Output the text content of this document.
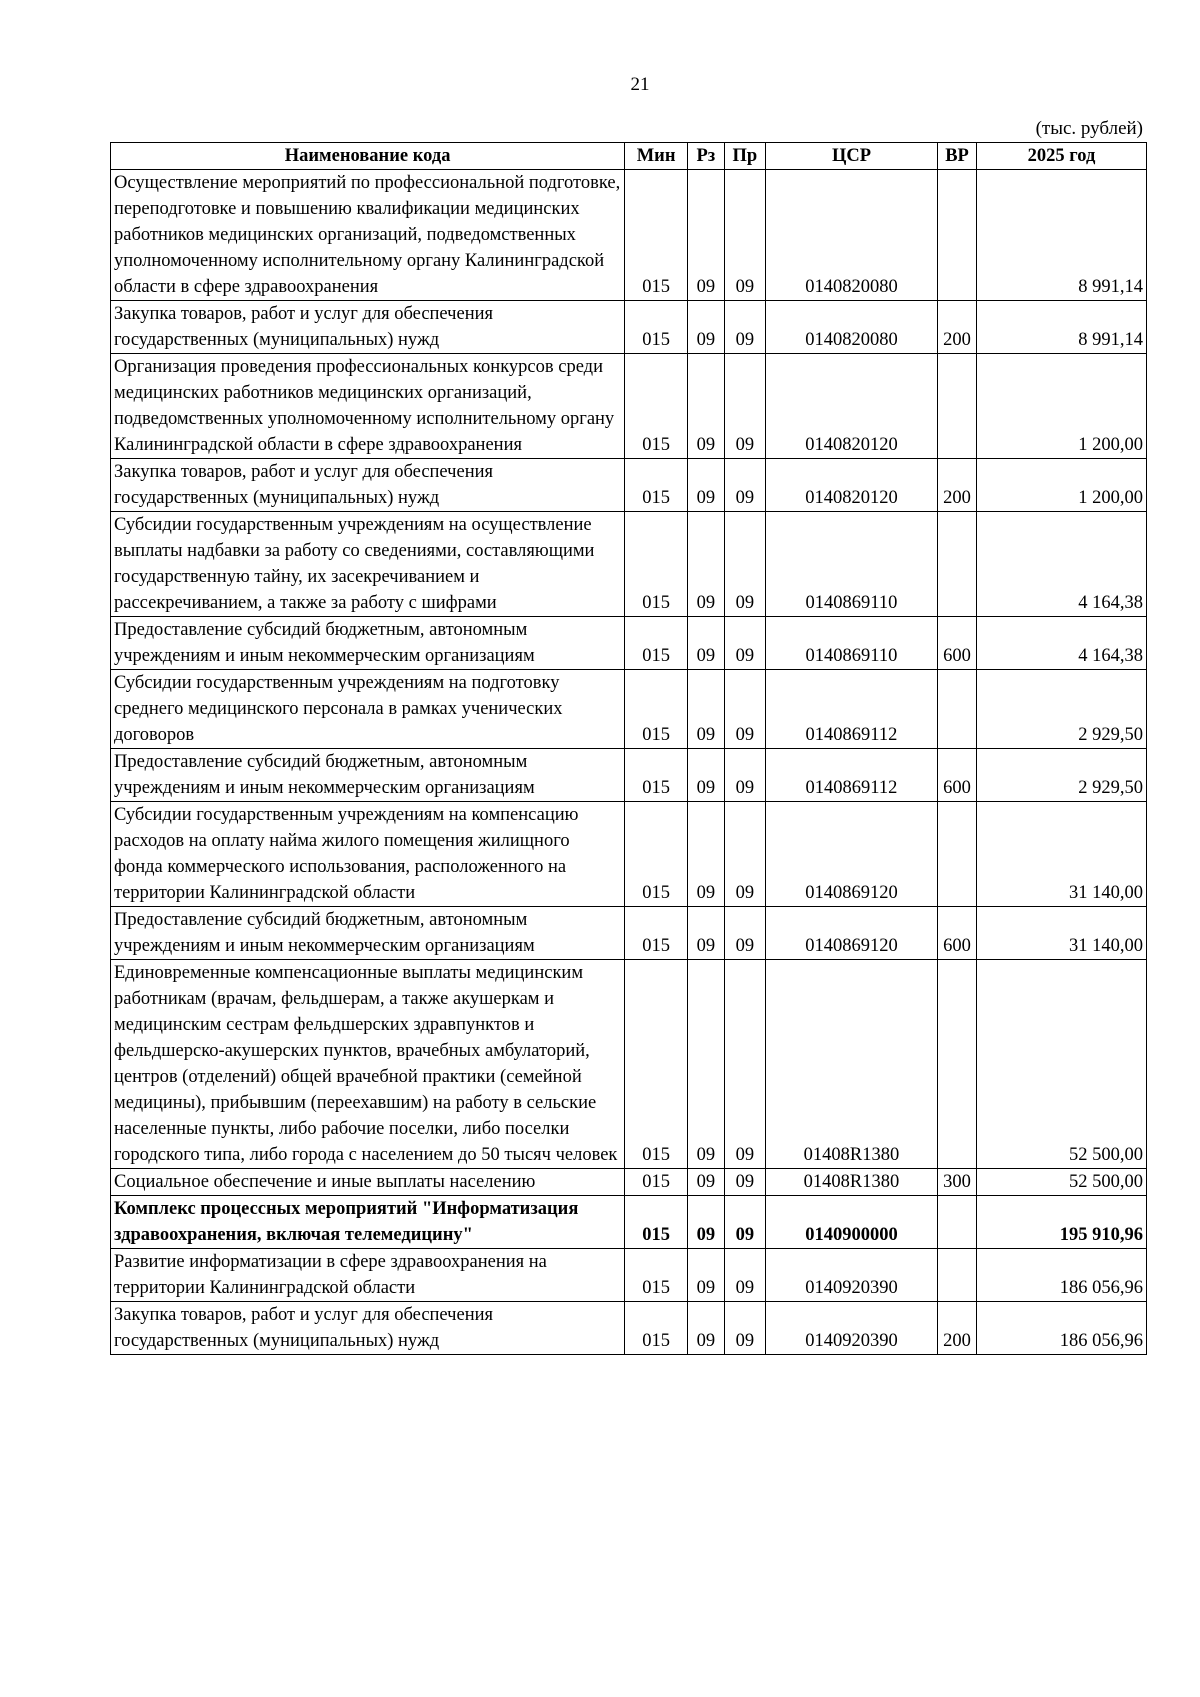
21
(тыс. рублей)
Наименование кода	Мин	Рз	Пр	ЦСР	ВР	2025 год
Осуществление мероприятий по профессиональной подготовке, переподготовке и повышению квалификации медицинских работников медицинских организаций, подведомственных уполномоченному исполнительному органу Калининградской области в сфере здравоохранения	015	09	09	0140820080		8 991,14
Закупка товаров, работ и услуг для обеспечения государственных (муниципальных) нужд	015	09	09	0140820080	200	8 991,14
Организация проведения профессиональных конкурсов среди медицинских работников медицинских организаций, подведомственных уполномоченному исполнительному органу Калининградской области в сфере здравоохранения	015	09	09	0140820120		1 200,00
Закупка товаров, работ и услуг для обеспечения государственных (муниципальных) нужд	015	09	09	0140820120	200	1 200,00
Субсидии государственным учреждениям на осуществление выплаты надбавки за работу со сведениями, составляющими государственную тайну, их засекречиванием и рассекречиванием, а также за работу с шифрами	015	09	09	0140869110		4 164,38
Предоставление субсидий бюджетным, автономным учреждениям и иным некоммерческим организациям	015	09	09	0140869110	600	4 164,38
Субсидии государственным учреждениям на подготовку среднего медицинского персонала в рамках ученических договоров	015	09	09	0140869112		2 929,50
Предоставление субсидий бюджетным, автономным учреждениям и иным некоммерческим организациям	015	09	09	0140869112	600	2 929,50
Субсидии государственным учреждениям на компенсацию расходов на оплату найма жилого помещения жилищного фонда коммерческого использования, расположенного на территории Калининградской области	015	09	09	0140869120		31 140,00
Предоставление субсидий бюджетным, автономным учреждениям и иным некоммерческим организациям	015	09	09	0140869120	600	31 140,00
Единовременные компенсационные выплаты медицинским работникам (врачам, фельдшерам, а также акушеркам и медицинским сестрам фельдшерских здравпунктов и фельдшерско-акушерских пунктов, врачебных амбулаторий, центров (отделений) общей врачебной практики (семейной медицины), прибывшим (переехавшим) на работу в сельские населенные пункты, либо рабочие поселки, либо поселки городского типа, либо города с населением до 50 тысяч человек	015	09	09	01408R1380		52 500,00
Социальное обеспечение и иные выплаты населению	015	09	09	01408R1380	300	52 500,00
Комплекс процессных мероприятий "Информатизация здравоохранения, включая телемедицину"	015	09	09	0140900000		195 910,96
Развитие информатизации в сфере здравоохранения на территории Калининградской области	015	09	09	0140920390		186 056,96
Закупка товаров, работ и услуг для обеспечения государственных (муниципальных) нужд	015	09	09	0140920390	200	186 056,96
